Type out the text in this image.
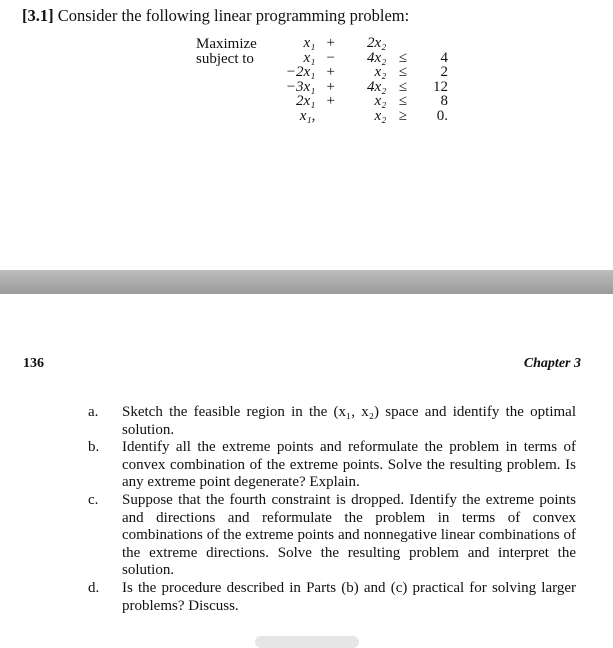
[3.1] Consider the following linear programming problem:
Maximize
subject to
x₁	+	2x₂		
x₁	−	4x₂	≤	4
−2x₁	+	x₂	≤	2
−3x₁	+	4x₂	≤	12
2x₁	+	x₂	≤	8
x₁,		x₂	≥	0.
136	Chapter 3
a.	Sketch the feasible region in the (x₁, x₂) space and identify the optimal solution.
b.	Identify all the extreme points and reformulate the problem in terms of convex combination of the extreme points. Solve the resulting problem. Is any extreme point degenerate? Explain.
c.	Suppose that the fourth constraint is dropped. Identify the extreme points and directions and reformulate the problem in terms of convex combinations of the extreme points and nonnegative linear combinations of the extreme directions. Solve the resulting problem and interpret the solution.
d.	Is the procedure described in Parts (b) and (c) practical for solving larger problems? Discuss.
